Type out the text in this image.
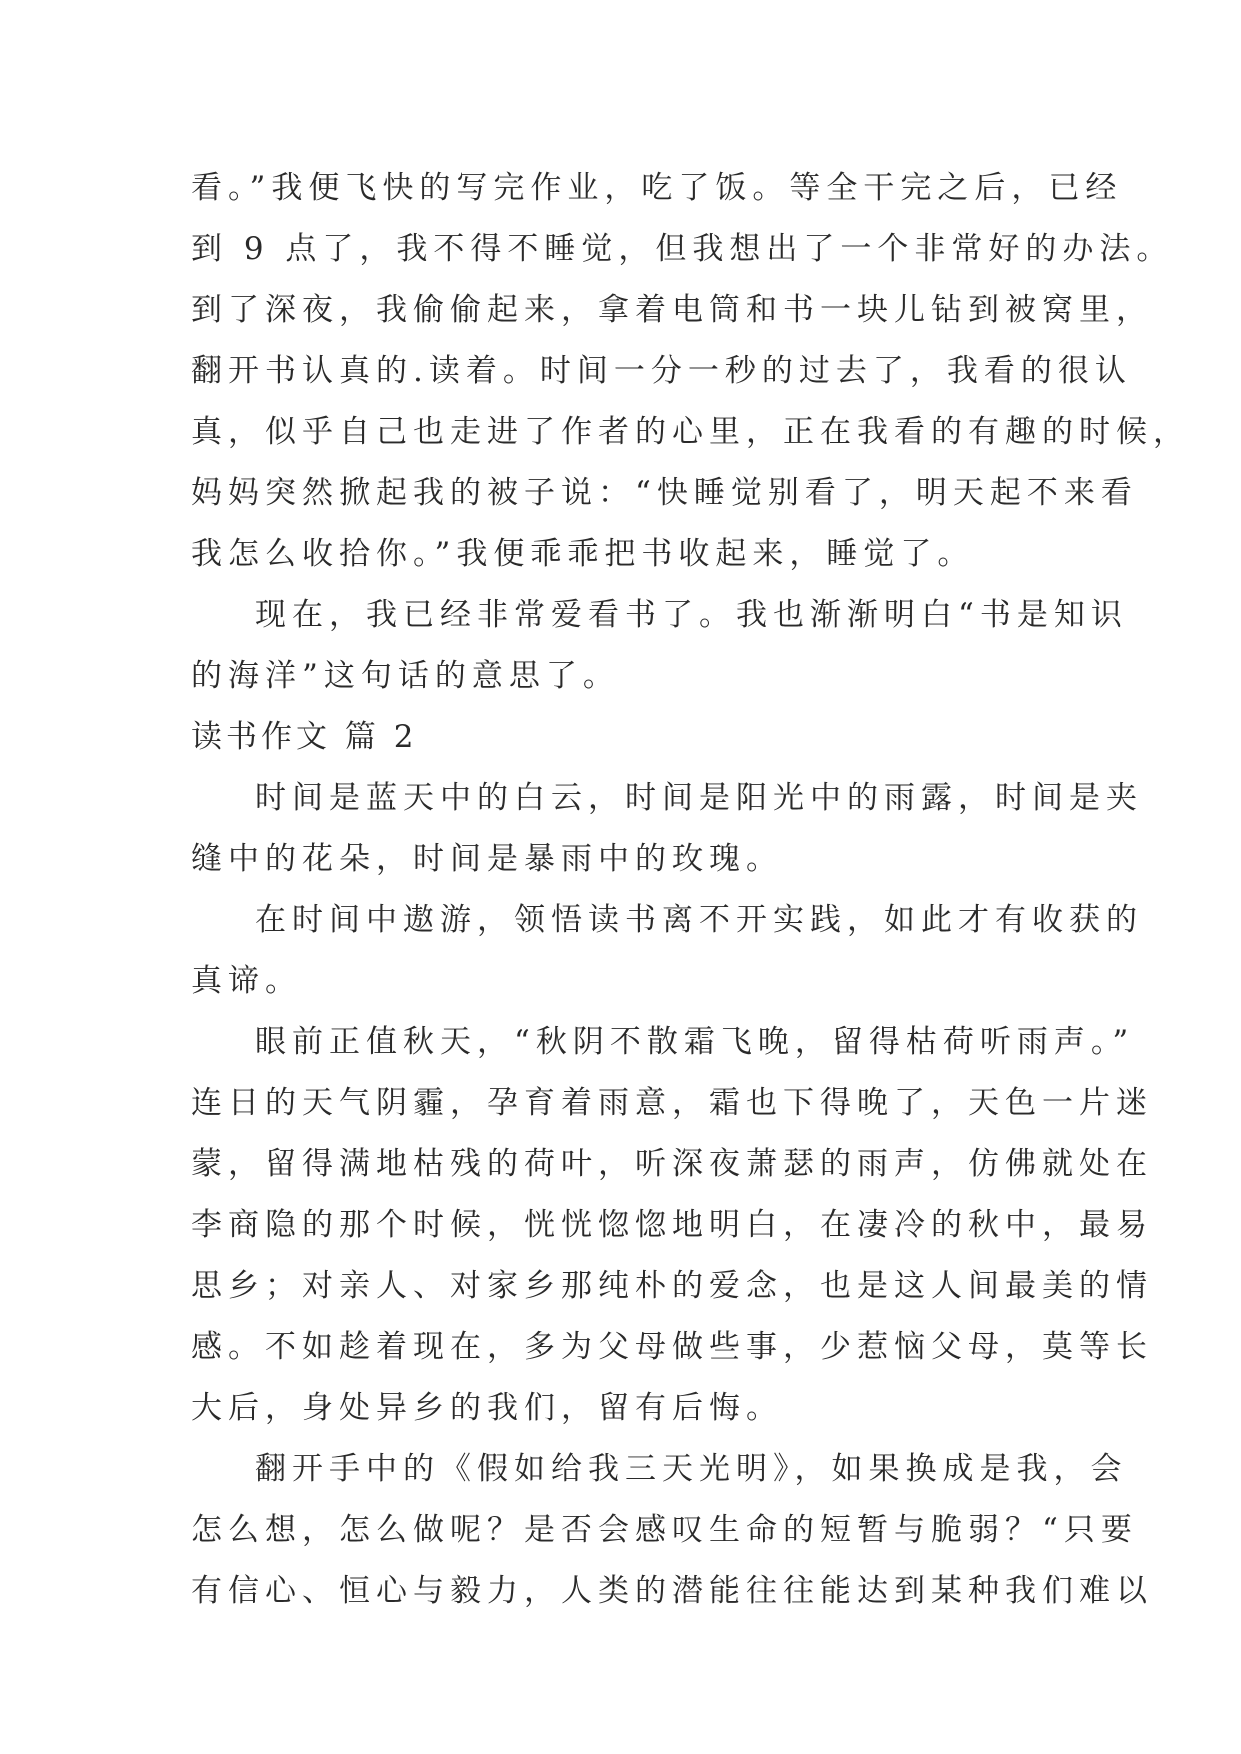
看。”我便飞快的写完作业，吃了饭。等全干完之后，已经
到 9 点了，我不得不睡觉，但我想出了一个非常好的办法。
到了深夜，我偷偷起来，拿着电筒和书一块儿钻到被窝里，
翻开书认真的.读着。时间一分一秒的过去了，我看的很认
真，似乎自己也走进了作者的心里，正在我看的有趣的时候，
妈妈突然掀起我的被子说：“快睡觉别看了，明天起不来看
我怎么收拾你。”我便乖乖把书收起来，睡觉了。
现在，我已经非常爱看书了。我也渐渐明白“书是知识
的海洋”这句话的意思了。
读书作文 篇 2
时间是蓝天中的白云，时间是阳光中的雨露，时间是夹
缝中的花朵，时间是暴雨中的玫瑰。
在时间中遨游，领悟读书离不开实践，如此才有收获的
真谛。
眼前正值秋天，“秋阴不散霜飞晚，留得枯荷听雨声。”
连日的天气阴霾，孕育着雨意，霜也下得晚了，天色一片迷
蒙，留得满地枯残的荷叶，听深夜萧瑟的雨声，仿佛就处在
李商隐的那个时候，恍恍惚惚地明白，在凄冷的秋中，最易
思乡；对亲人、对家乡那纯朴的爱念，也是这人间最美的情
感。不如趁着现在，多为父母做些事，少惹恼父母，莫等长
大后，身处异乡的我们，留有后悔。
翻开手中的《假如给我三天光明》，如果换成是我，会
怎么想，怎么做呢？是否会感叹生命的短暂与脆弱？“只要
有信心、恒心与毅力，人类的潜能往往能达到某种我们难以
